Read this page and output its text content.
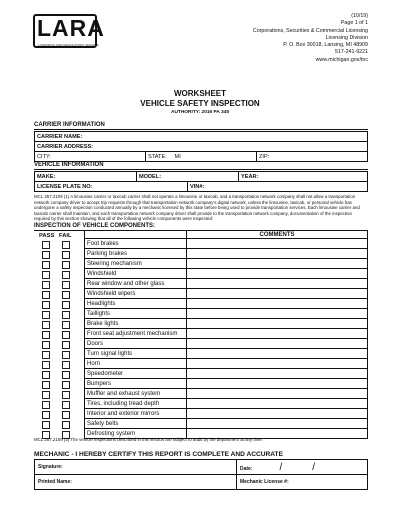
LARA
LICENSING AND REGULATORY AFFAIRS
(10/19)
Page 1 of 1
Corporations, Securities & Commercial Licensing
Licensing Division
P. O. Box 30018, Lansing, MI 48909
517-241-9221
www.michigan.gov/tnc
WORKSHEET
VEHICLE SAFETY INSPECTION
AUTHORITY: 2016 PA 345
CARRIER INFORMATION
CARRIER NAME:
CARRIER ADDRESS:
CITY:	STATE: MI	ZIP:
VEHICLE INFORMATION
MAKE:	MODEL:		YEAR:
LICENSE PLATE NO:		VIN#:	
MCL 257.2109 (1) A limousine carrier or taxicab carrier shall not operate a limousine or taxicab, and a transportation network company shall not allow a transportation network company driver to accept trip requests through that transportation network company's digital network, unless the limousine, taxicab, or personal vehicle has undergone a safety inspection conducted annually by a mechanic licensed by this state before being used to provide transportation services. Each limousine carrier and taxicab carrier shall maintain, and each transportation network company driver shall provide to the transportation network company, documentation of the inspection required by this section showing that all of the following vehicle components were inspected:
INSPECTION OF VEHICLE COMPONENTS:
PASS FAIL
		COMMENTS
Foot brakes	
Parking brakes	
Steering mechanism	
Windshield	
Rear window and other glass	
Windshield wipers	
Headlights	
Taillights	
Brake lights	
Front seat adjustment mechanism	
Doors	
Turn signal lights	
Horn	
Speedometer	
Bumpers	
Muffler and exhaust system	
Tires, including tread depth	
Interior and exterior mirrors	
Safety belts	
Defrosting system	
MCL 257.2109 (2) The vehicle inspections described in this section are subject to audit by the department at any time.
MECHANIC - I HEREBY CERTIFY THIS REPORT IS COMPLETE AND ACCURATE
Signature:	Date: / /
Printed Name:	Mechanic License #:
